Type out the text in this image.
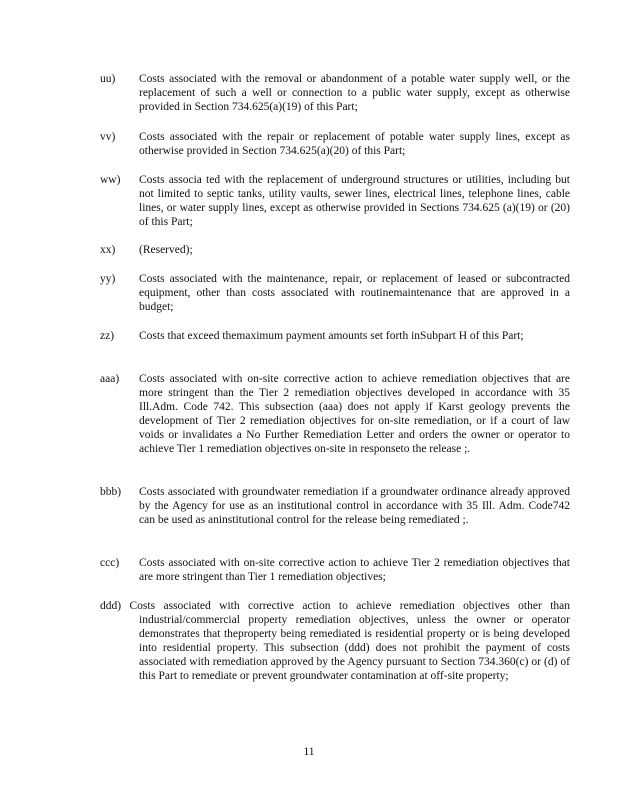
uu)	Costs associated with the removal or abandonment of a potable water supply well, or the replacement of such a well or connection to a public water supply, except as otherwise provided in Section 734.625(a)(19) of this Part;
vv)	Costs associated with the repair or replacement of potable water supply lines, except as otherwise provided in Section 734.625(a)(20) of this Part;
ww)	Costs associa ted with the replacement of underground structures or utilities, including but not limited to septic tanks, utility vaults, sewer lines, electrical lines, telephone lines, cable lines, or water supply lines, except as otherwise provided in Sections 734.625 (a)(19) or (20) of this Part;
xx)	(Reserved);
yy)	Costs associated with the maintenance, repair, or replacement of leased or subcontracted equipment, other than costs associated with routinemaintenance that are approved in a budget;
zz)	Costs that exceed themaximum payment amounts set forth inSubpart H of this Part;
aaa)	Costs associated with on-site corrective action to achieve remediation objectives that are more stringent than the Tier 2 remediation objectives developed in accordance with 35 Ill.Adm. Code 742. This subsection (aaa) does not apply if Karst geology prevents the development of Tier 2 remediation objectives for on-site remediation, or if a court of law voids or invalidates a No Further Remediation Letter and orders the owner or operator to achieve Tier 1 remediation objectives on-site in responseto the release ;.
bbb)	Costs associated with groundwater remediation if a groundwater ordinance already approved by the Agency for use as an institutional control in accordance with 35 Ill. Adm. Code742 can be used as aninstitutional control for the release being remediated ;.
ccc)	Costs associated with on-site corrective action to achieve Tier 2 remediation objectives that are more stringent than Tier 1 remediation objectives;
ddd) Costs associated with corrective action to achieve remediation objectives other than industrial/commercial property remediation objectives, unless the owner or operator demonstrates that theproperty being remediated is residential property or is being developed into residential property. This subsection (ddd) does not prohibit the payment of costs associated with remediation approved by the Agency pursuant to Section 734.360(c) or (d) of this Part to remediate or prevent groundwater contamination at off-site property;
11
